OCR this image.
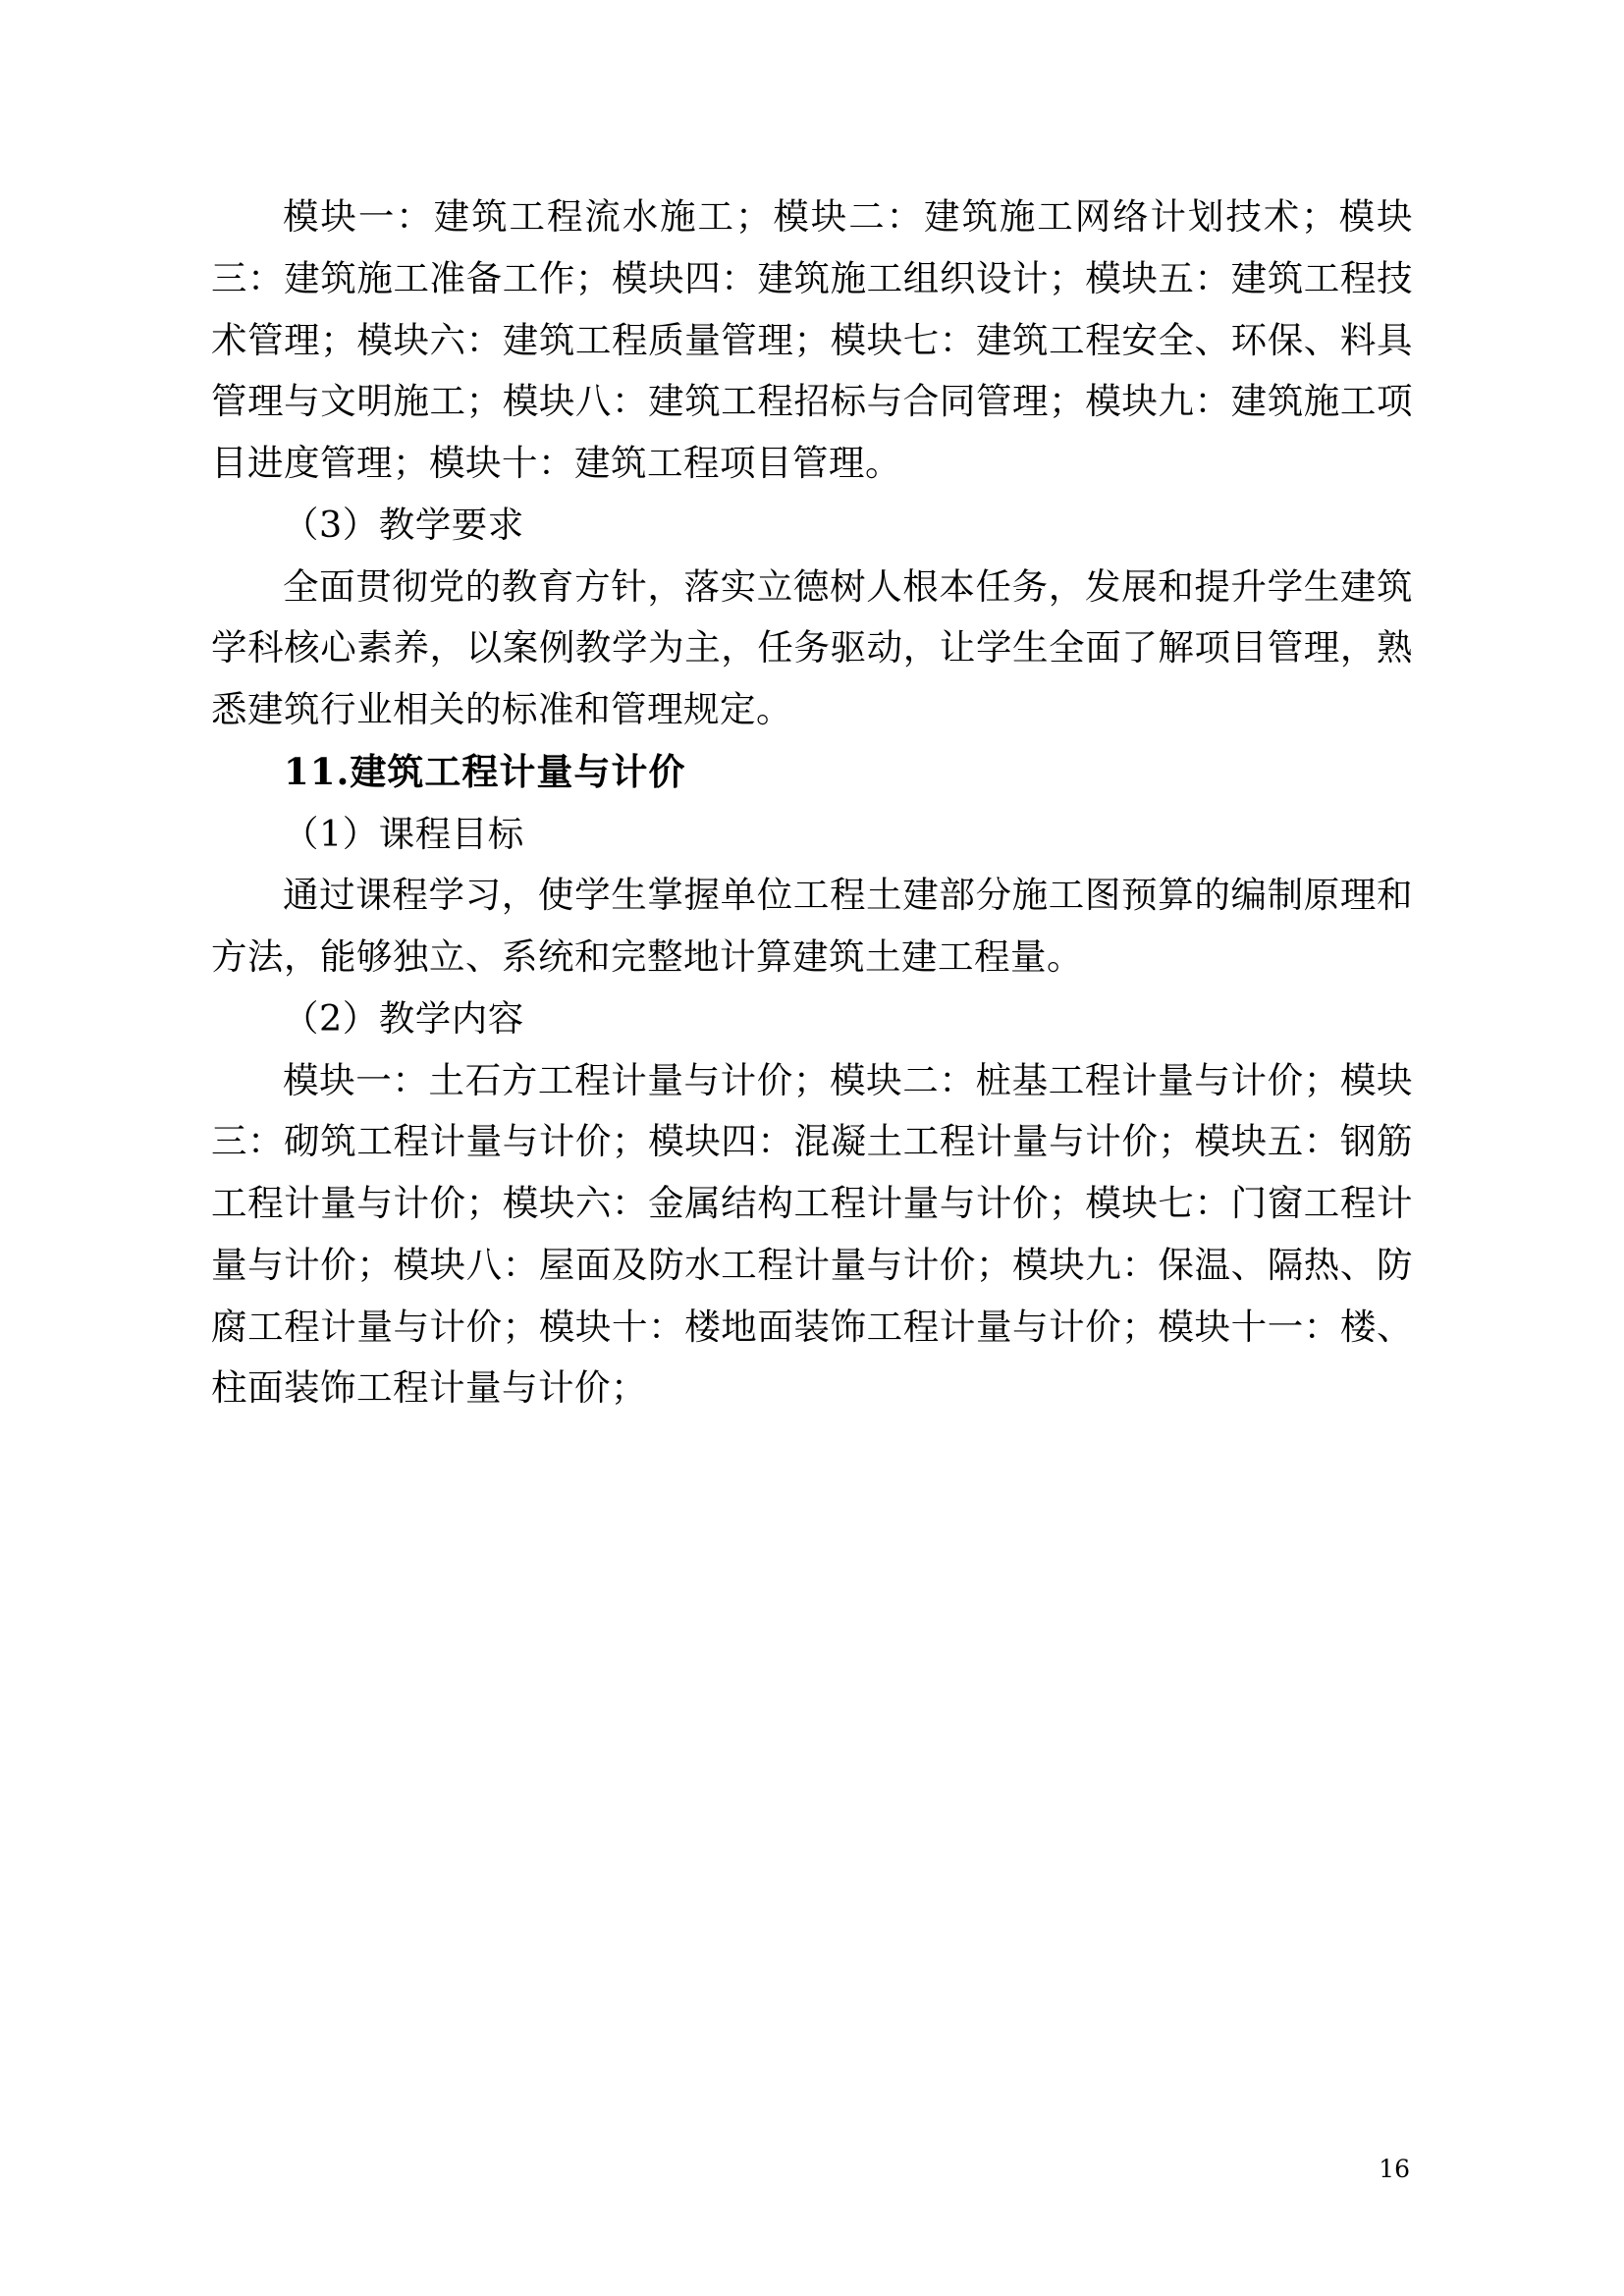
模块一：建筑工程流水施工；模块二：建筑施工网络计划技术；模块三：建筑施工准备工作；模块四：建筑施工组织设计；模块五：建筑工程技术管理；模块六：建筑工程质量管理；模块七：建筑工程安全、环保、料具管理与文明施工；模块八：建筑工程招标与合同管理；模块九：建筑施工项目进度管理；模块十：建筑工程项目管理。

（3）教学要求

全面贯彻党的教育方针，落实立德树人根本任务，发展和提升学生建筑学科核心素养，以案例教学为主，任务驱动，让学生全面了解项目管理，熟悉建筑行业相关的标准和管理规定。

11.建筑工程计量与计价

（1）课程目标

通过课程学习，使学生掌握单位工程土建部分施工图预算的编制原理和方法，能够独立、系统和完整地计算建筑土建工程量。

（2）教学内容

模块一：土石方工程计量与计价；模块二：桩基工程计量与计价；模块三：砌筑工程计量与计价；模块四：混凝土工程计量与计价；模块五：钢筋工程计量与计价；模块六：金属结构工程计量与计价；模块七：门窗工程计量与计价；模块八：屋面及防水工程计量与计价；模块九：保温、隔热、防腐工程计量与计价；模块十：楼地面装饰工程计量与计价；模块十一：楼、柱面装饰工程计量与计价；

16
